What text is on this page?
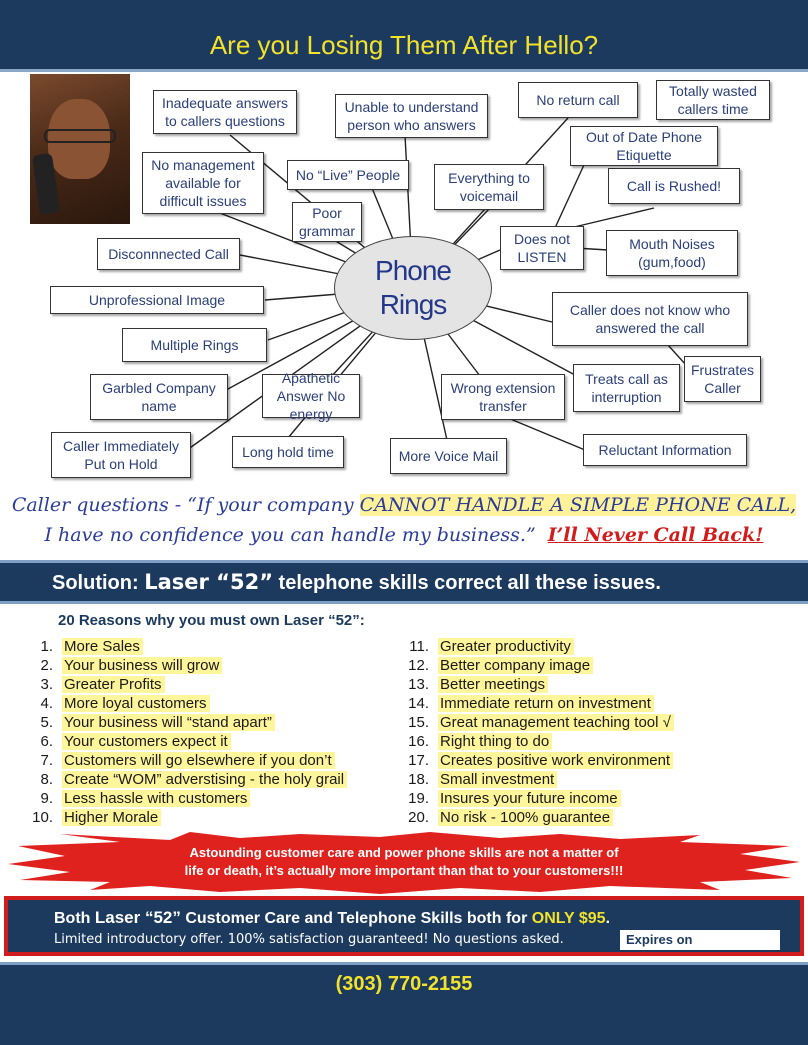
Are you Losing Them After Hello?
Inadequate answers to callers questions
Unable to understand person who answers
No return call
Totally wasted callers time
Out of Date Phone Etiquette
No management available for difficult issues
No “Live” People	Everything to voicemail
Call is Rushed!
Poor grammar	Does not LISTEN
Mouth Noises (gum,food)
Disconnnected Call
Unprofessional Image
Caller does not know who answered the call
Multiple Rings
Frustrates Caller
Treats call as interruption
Garbled Company name
Apathetic Answer No energy
Wrong extension transfer
Caller Immediately Put on Hold
Long hold time	More Voice Mail	Reluctant Information
Phone
Rings
Caller questions - “If your company CANNOT HANDLE A SIMPLE PHONE CALL,
I have no confidence you can handle my business.” I’ll Never Call Back!
Solution: Laser “52” telephone skills correct all these issues.
20 Reasons why you must own Laser “52”:
1. More Sales
2. Your business will grow
3. Greater Profits
4. More loyal customers
5. Your business will “stand apart”
6. Your customers expect it
7. Customers will go elsewhere if you don’t
8. Create “WOM” adverstising - the holy grail
9. Less hassle with customers
10. Higher Morale
11. Greater productivity
12. Better company image
13. Better meetings
14. Immediate return on investment
15. Great management teaching tool √
16. Right thing to do
17. Creates positive work environment
18. Small investment
19. Insures your future income
20. No risk - 100% guarantee
Astounding customer care and power phone skills are not a matter of
life or death, it’s actually more important than that to your customers!!!
Both Laser “52” Customer Care and Telephone Skills both for ONLY $95.
Limited introductory offer. 100% satisfaction guaranteed! No questions asked.	Expires on
(303) 770-2155
